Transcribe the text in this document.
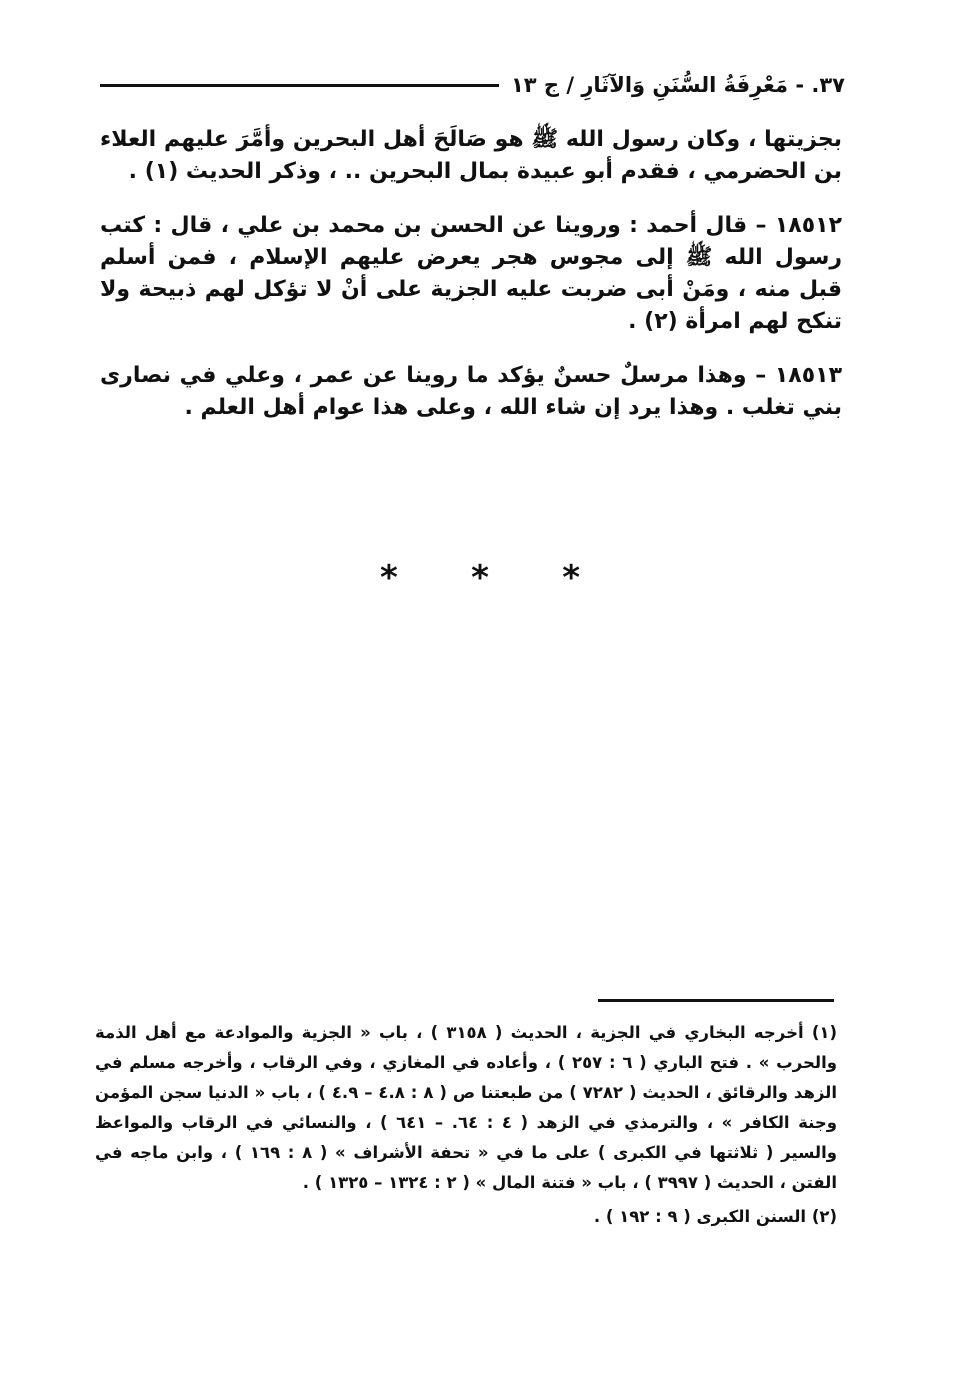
٣٧. - مَعْرِفَةُ السُّنَنِ وَالآثَارِ / ج ١٣

بجزيتها ، وكان رسول الله ﷺ هو صَالَحَ أهل البحرين وأمَّرَ عليهم العلاء بن الحضرمي ، فقدم أبو عبيدة بمال البحرين .. ، وذكر الحديث (١) .

١٨٥١٢ – قال أحمد : وروينا عن الحسن بن محمد بن علي ، قال : كتب رسول الله ﷺ إلى مجوس هجر يعرض عليهم الإسلام ، فمن أسلم قبل منه ، ومَنْ أبى ضربت عليه الجزية على أنْ لا تؤكل لهم ذبيحة ولا تنكح لهم امرأة (٢) .

١٨٥١٣ – وهذا مرسلٌ حسنٌ يؤكد ما روينا عن عمر ، وعلي في نصارى بني تغلب . وهذا يرد إن شاء الله ، وعلى هذا عوام أهل العلم .

* * *

(١) أخرجه البخاري في الجزية ، الحديث ( ٣١٥٨ ) ، باب « الجزية والموادعة مع أهل الذمة والحرب » . فتح الباري ( ٦ : ٢٥٧ ) ، وأعاده في المغازي ، وفي الرقاب ، وأخرجه مسلم في الزهد والرقائق ، الحديث ( ٧٢٨٢ ) من طبعتنا ص ( ٨ : ٤.٨ – ٤.٩ ) ، باب « الدنيا سجن المؤمن وجنة الكافر » ، والترمذي في الزهد ( ٤ : ٦٤. – ٦٤١ ) ، والنسائي في الرقاب والمواعظ والسير ( ثلاثتها في الكبرى ) على ما في « تحفة الأشراف » ( ٨ : ١٦٩ ) ، وابن ماجه في الفتن ، الحديث ( ٣٩٩٧ ) ، باب « فتنة المال » ( ٢ : ١٣٢٤ – ١٣٢٥ ) .

(٢) السنن الكبرى ( ٩ : ١٩٢ ) .
